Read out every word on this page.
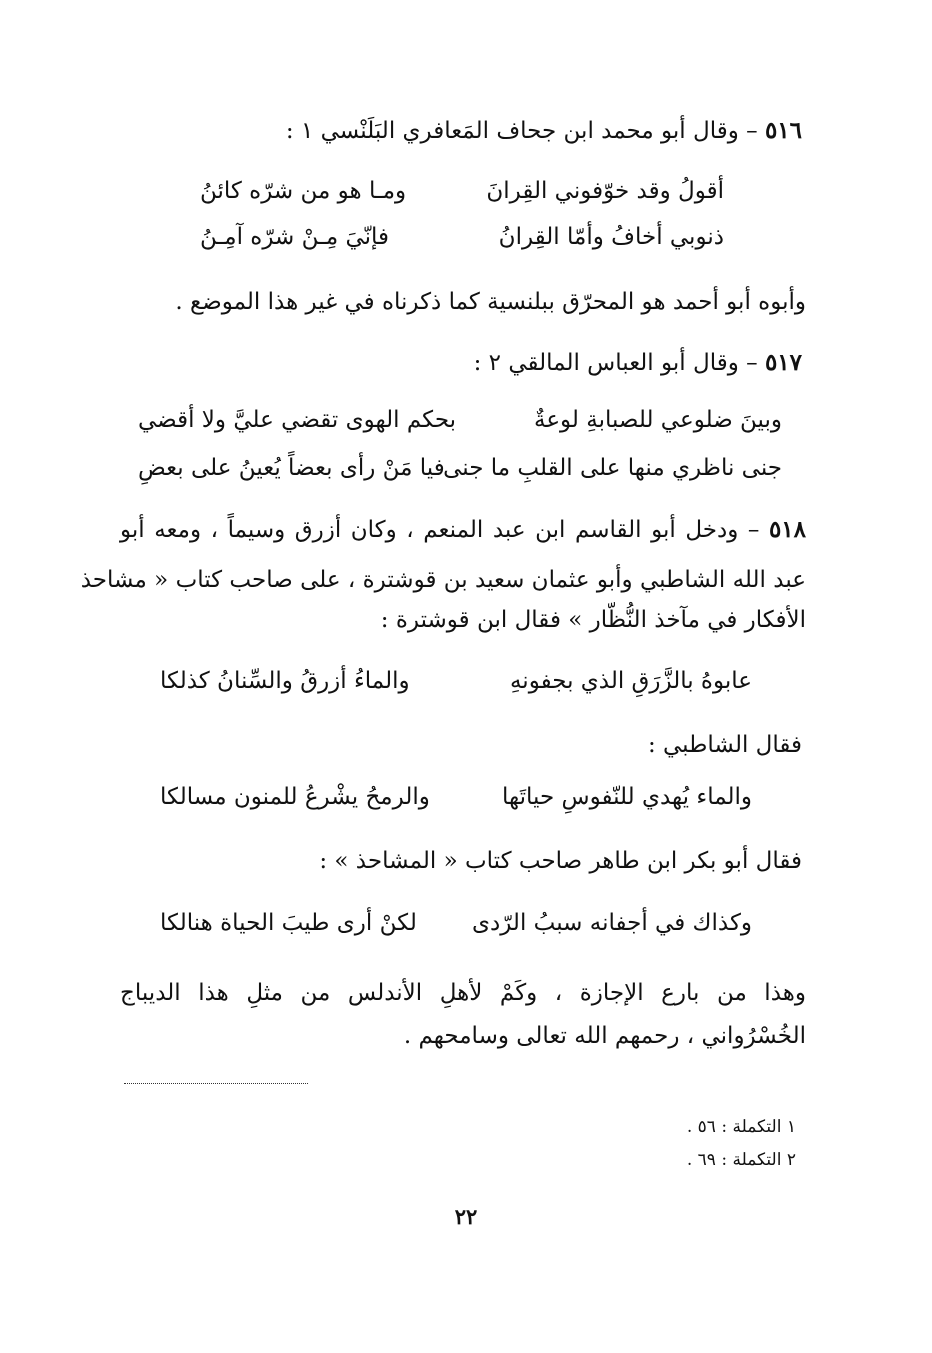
٥١٦ – وقال أبو محمد ابن جحاف المَعافري البَلَنْسي ١ :
أقولُ وقد خوّفوني القِرانَ
ومـا هو من شرّه كائنُ
ذنوبي أخافُ وأمّا القِرانُ
فإنّيَ مِـنْ شرّه آمِـنُ
وأبوه أبو أحمد هو المحرّق ببلنسية كما ذكرناه في غير هذا الموضع .
٥١٧ – وقال أبو العباس المالقي ٢ :
وبينَ ضلوعي للصبابةِ لوعةٌ
بحكم الهوى تقضي عليَّ ولا أقضي
جنى ناظري منها على القلبِ ما جنى
فيا مَنْ رأى بعضاً يُعينُ على بعضِ
٥١٨ – ودخل أبو القاسم ابن عبد المنعم ، وكان أزرق وسيماً ، ومعه أبو
عبد الله الشاطبي وأبو عثمان سعيد بن قوشترة ، على صاحب كتاب « مشاحذ
الأفكار في مآخذ النُّظّار » فقال ابن قوشترة :
عابوهُ بالزَّرَقِ الذي بجفونهِ
والماءُ أزرقُ والسِّنانُ كذلكا
فقال الشاطبي :
والماء يُهدي للنّفوسِ حياتَها
والرمحُ يشْرعُ للمنون مسالكا
فقال أبو بكر ابن طاهر صاحب كتاب « المشاحذ » :
وكذاك في أجفانه سببُ الرّدى
لكنْ أرى طيبَ الحياة هنالكا
وهذا من بارع الإجازة ، وكَمْ لأهلِ الأندلس من مثلِ هذا الديباج
الخُسْرُواني ، رحمهم الله تعالى وسامحهم .
١ التكملة : ٥٦ .
٢ التكملة : ٦٩ .
٢٢
